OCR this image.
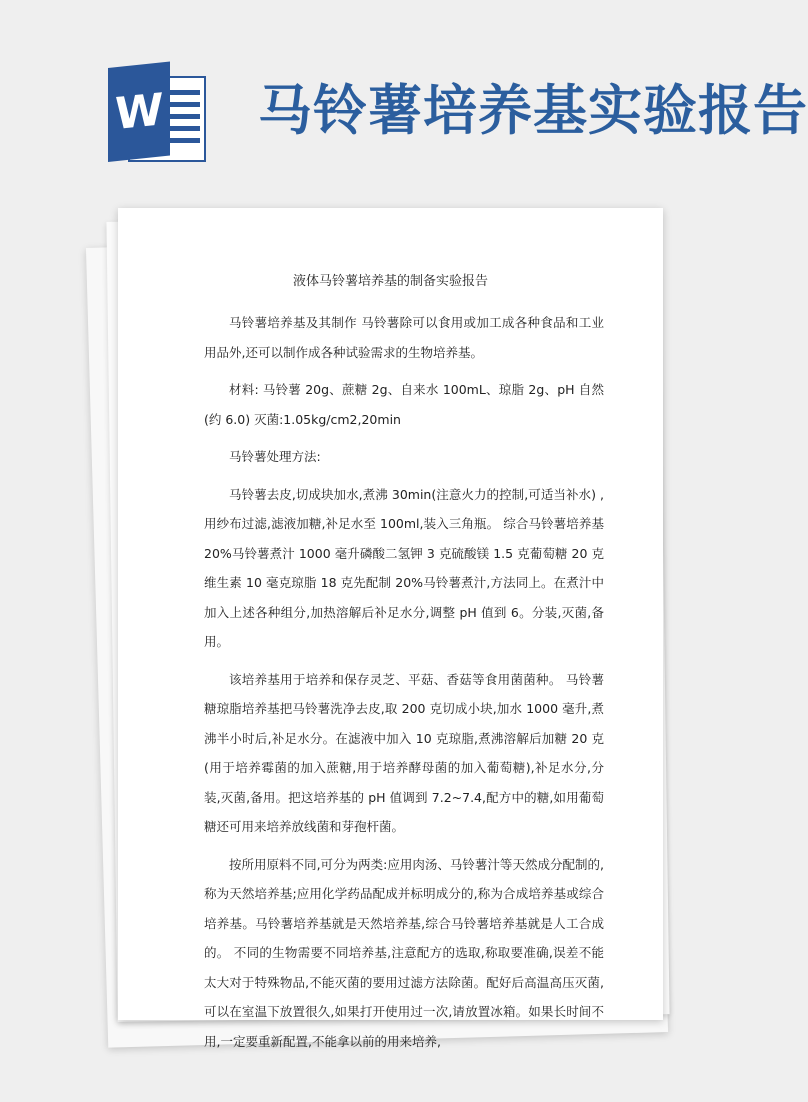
W 马铃薯培养基实验报告
液体马铃薯培养基的制备实验报告

马铃薯培养基及其制作 马铃薯除可以食用或加工成各种食品和工业用品外,还可以制作成各种试验需求的生物培养基。

材料: 马铃薯 20g、蔗糖 2g、自来水 100mL、琼脂 2g、pH 自然(约 6.0) 灭菌:1.05kg/cm2,20min

马铃薯处理方法:

马铃薯去皮,切成块加水,煮沸 30min(注意火力的控制,可适当补水) ,用纱布过滤,滤液加糖,补足水至 100ml,装入三角瓶。 综合马铃薯培养基 20%马铃薯煮汁 1000 毫升磷酸二氢钾 3 克硫酸镁 1.5 克葡萄糖 20 克维生素 10 毫克琼脂 18 克先配制 20%马铃薯煮汁,方法同上。在煮汁中加入上述各种组分,加热溶解后补足水分,调整 pH 值到 6。分装,灭菌,备用。

该培养基用于培养和保存灵芝、平菇、香菇等食用菌菌种。 马铃薯糖琼脂培养基把马铃薯洗净去皮,取 200 克切成小块,加水 1000 毫升,煮沸半小时后,补足水分。在滤液中加入 10 克琼脂,煮沸溶解后加糖 20 克(用于培养霉菌的加入蔗糖,用于培养酵母菌的加入葡萄糖),补足水分,分装,灭菌,备用。把这培养基的 pH 值调到 7.2~7.4,配方中的糖,如用葡萄糖还可用来培养放线菌和芽孢杆菌。

按所用原料不同,可分为两类:应用肉汤、马铃薯汁等天然成分配制的,称为天然培养基;应用化学药品配成并标明成分的,称为合成培养基或综合培养基。马铃薯培养基就是天然培养基,综合马铃薯培养基就是人工合成的。 不同的生物需要不同培养基,注意配方的选取,称取要准确,误差不能太大对于特殊物品,不能灭菌的要用过滤方法除菌。配好后高温高压灭菌,可以在室温下放置很久,如果打开使用过一次,请放置冰箱。如果长时间不用,一定要重新配置,不能拿以前的用来培养,
